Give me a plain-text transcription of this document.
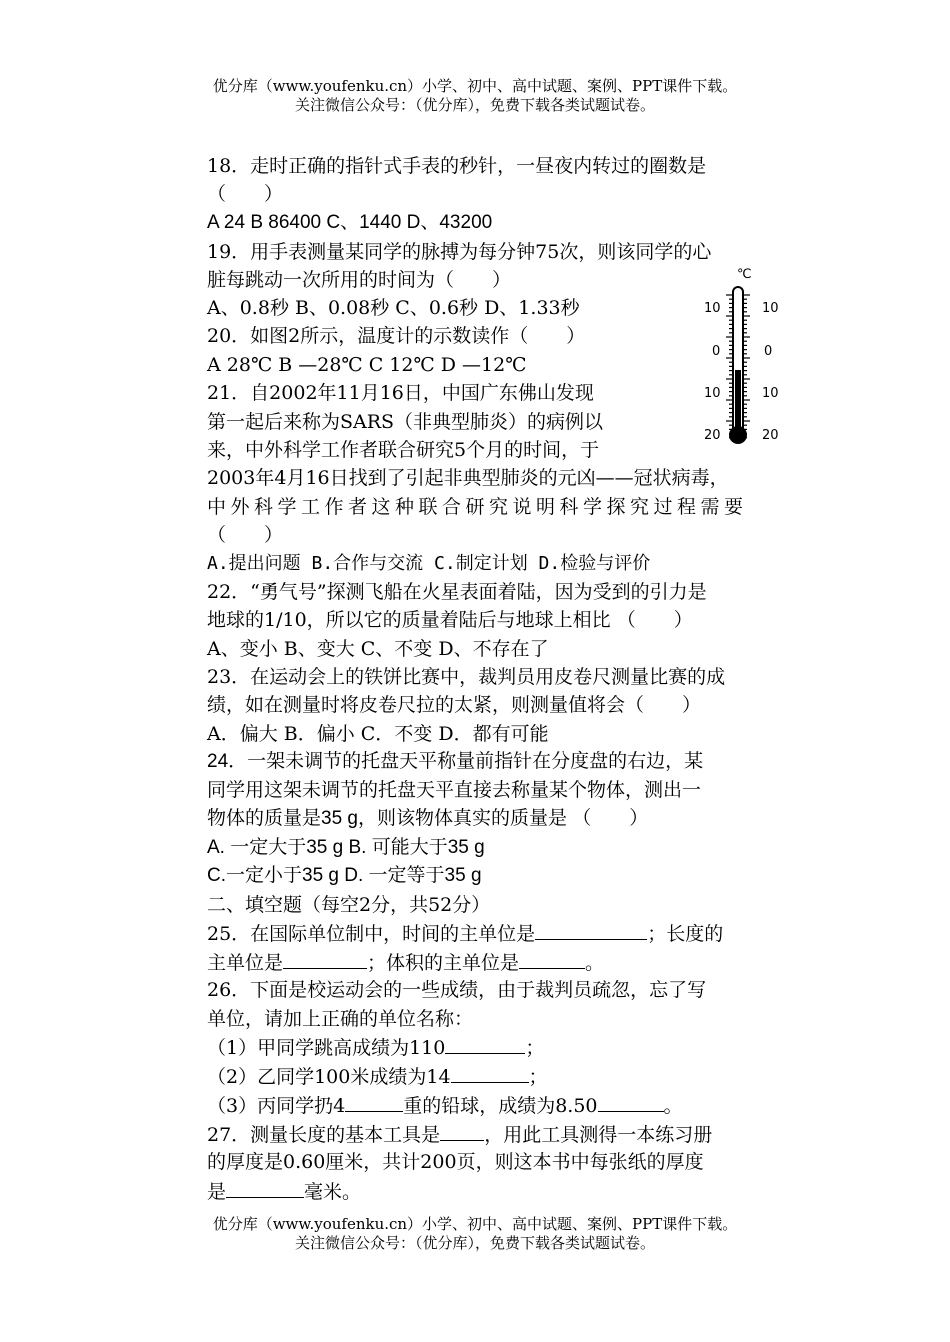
优分库（www.youfenku.cn）小学、初中、高中试题、案例、PPT课件下载。
关注微信公众号：（优分库），免费下载各类试题试卷。
18．走时正确的指针式手表的秒针，一昼夜内转过的圈数是
（　　）
A 24 B 86400 C、1440 D、43200
19．用手表测量某同学的脉搏为每分钟75次，则该同学的心
脏每跳动一次所用的时间为（　　）
A、0.8秒 B、0.08秒 C、0.6秒 D、1.33秒
20．如图2所示，温度计的示数读作（　　）
A 28℃ B —28℃ C 12℃ D —12℃
℃
10
0
10
20
10
0
10
20
21．自2002年11月16日，中国广东佛山发现
第一起后来称为SARS（非典型肺炎）的病例以
来，中外科学工作者联合研究5个月的时间，于
2003年4月16日找到了引起非典型肺炎的元凶——冠状病毒，
中外科学工作者这种联合研究说明科学探究过程需要
（　　）
A.提出问题 B.合作与交流 C.制定计划 D.检验与评价
22．“勇气号”探测飞船在火星表面着陆，因为受到的引力是
地球的1/10，所以它的质量着陆后与地球上相比 （　　）
A、变小 B、变大 C、不变 D、不存在了
23．在运动会上的铁饼比赛中，裁判员用皮卷尺测量比赛的成
绩，如在测量时将皮卷尺拉的太紧，则测量值将会（　　）
A．偏大 B．偏小 C．不变 D．都有可能
24．一架未调节的托盘天平称量前指针在分度盘的右边，某
同学用这架未调节的托盘天平直接去称量某个物体，测出一
物体的质量是35 g，则该物体真实的质量是 （　　）
A. 一定大于35 g B. 可能大于35 g
C.一定小于35 g D. 一定等于35 g
二、填空题（每空2分，共52分）
25．在国际单位制中，时间的主单位是	；长度的
主单位是	；体积的主单位是	。
26．下面是校运动会的一些成绩，由于裁判员疏忽，忘了写
单位，请加上正确的单位名称：
（1）甲同学跳高成绩为110	；
（2）乙同学100米成绩为14	；
（3）丙同学扔4	重的铅球，成绩为8.50	。
27．测量长度的基本工具是 ，用此工具测得一本练习册
的厚度是0.60厘米，共计200页，则这本书中每张纸的厚度
是	毫米。
优分库（www.youfenku.cn）小学、初中、高中试题、案例、PPT课件下载。
关注微信公众号：（优分库），免费下载各类试题试卷。
